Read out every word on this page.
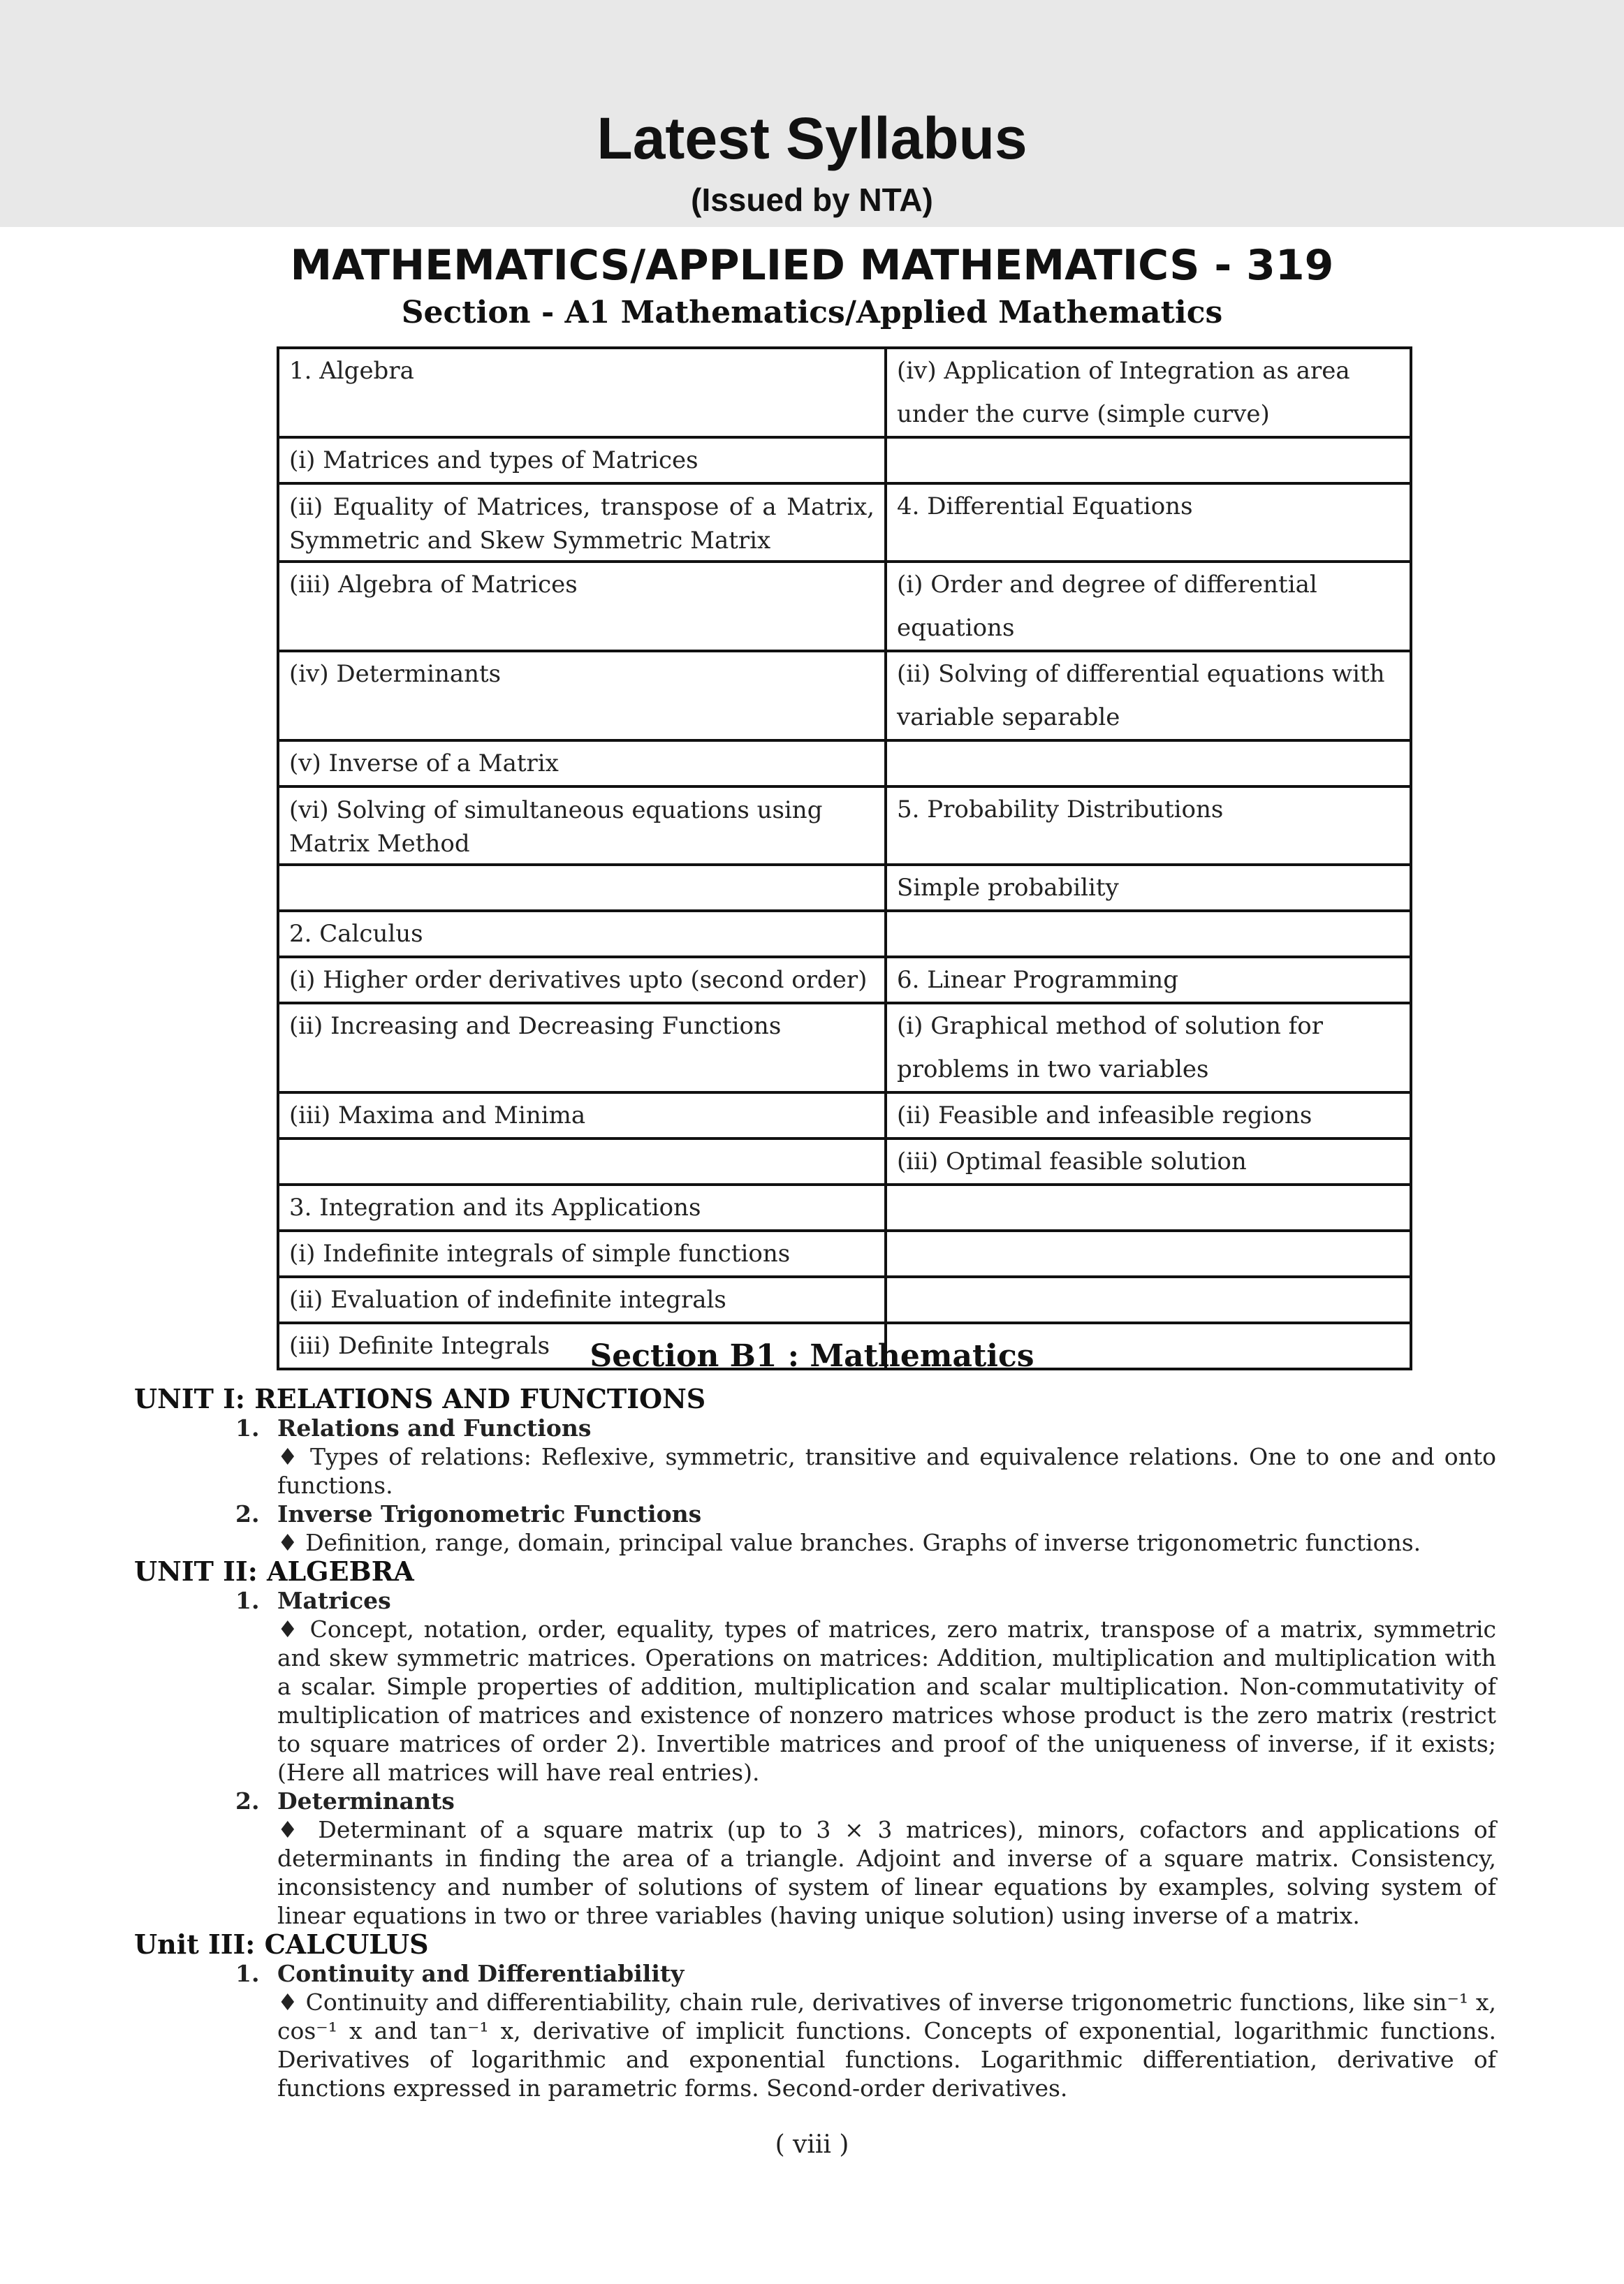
Latest Syllabus
(Issued by NTA)
MATHEMATICS/APPLIED MATHEMATICS - 319
Section - A1 Mathematics/Applied Mathematics
1. Algebra	(iv) Application of Integration as area under the curve (simple curve)
(i) Matrices and types of Matrices	
(ii) Equality of Matrices, transpose of a Matrix, Symmetric and Skew Symmetric Matrix	4. Differential Equations
(iii) Algebra of Matrices	(i) Order and degree of differential equations
(iv) Determinants	(ii) Solving of differential equations with variable separable
(v) Inverse of a Matrix	
(vi) Solving of simultaneous equations using Matrix Method	5. Probability Distributions
	Simple probability
2. Calculus	
(i) Higher order derivatives upto (second order)	6. Linear Programming
(ii) Increasing and Decreasing Functions	(i) Graphical method of solution for problems in two variables
(iii) Maxima and Minima	(ii) Feasible and infeasible regions
	(iii) Optimal feasible solution
3. Integration and its Applications	
(i) Indefinite integrals of simple functions	
(ii) Evaluation of indefinite integrals	
(iii) Definite Integrals		Section B1 : Mathematics
UNIT I: RELATIONS AND FUNCTIONS
1. Relations and Functions
♦ Types of relations: Reflexive, symmetric, transitive and equivalence relations. One to one and onto functions.
2. Inverse Trigonometric Functions
♦ Definition, range, domain, principal value branches. Graphs of inverse trigonometric functions.
UNIT II: ALGEBRA
1. Matrices
♦ Concept, notation, order, equality, types of matrices, zero matrix, transpose of a matrix, symmetric and skew symmetric matrices. Operations on matrices: Addition, multiplication and multiplication with a scalar. Simple properties of addition, multiplication and scalar multiplication. Non-commutativity of multiplication of matrices and existence of nonzero matrices whose product is the zero matrix (restrict to square matrices of order 2). Invertible matrices and proof of the uniqueness of inverse, if it exists; (Here all matrices will have real entries).
2. Determinants
♦ Determinant of a square matrix (up to 3 × 3 matrices), minors, cofactors and applications of determinants in finding the area of a triangle. Adjoint and inverse of a square matrix. Consistency, inconsistency and number of solutions of system of linear equations by examples, solving system of linear equations in two or three variables (having unique solution) using inverse of a matrix.
Unit III: CALCULUS
1. Continuity and Differentiability
♦ Continuity and differentiability, chain rule, derivatives of inverse trigonometric functions, like sin⁻¹ x, cos⁻¹ x and tan⁻¹ x, derivative of implicit functions. Concepts of exponential, logarithmic functions. Derivatives of logarithmic and exponential functions. Logarithmic differentiation, derivative of functions expressed in parametric forms. Second-order derivatives.
( viii )
